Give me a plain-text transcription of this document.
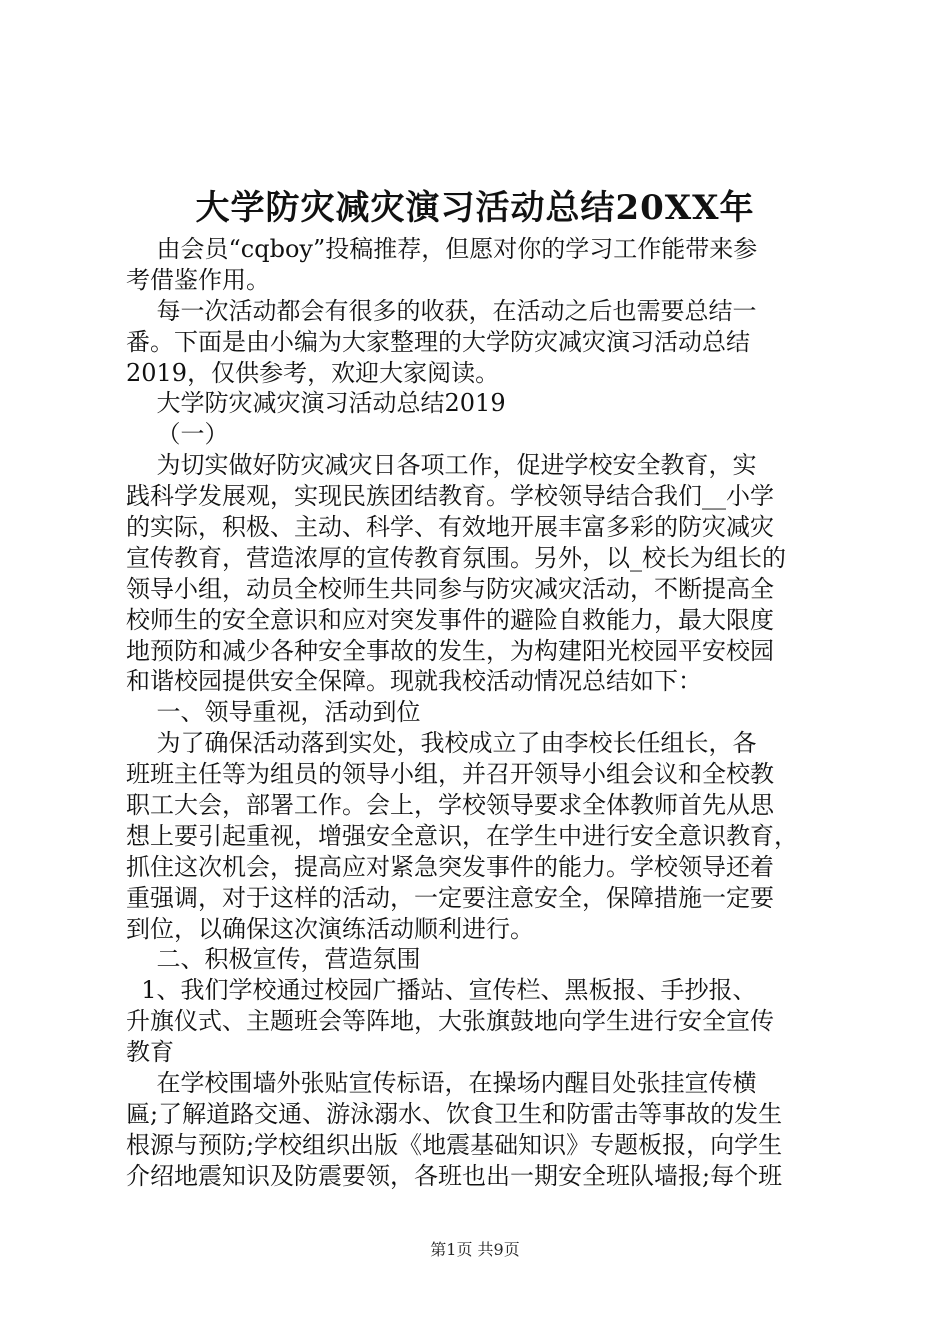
大学防灾减灾演习活动总结20XX年
由会员“cqboy”投稿推荐，但愿对你的学习工作能带来参
考借鉴作用。
每一次活动都会有很多的收获，在活动之后也需要总结一
番。下面是由小编为大家整理的大学防灾减灾演习活动总结
2019，仅供参考，欢迎大家阅读。
大学防灾减灾演习活动总结2019
（一）
为切实做好防灾减灾日各项工作，促进学校安全教育，实
践科学发展观，实现民族团结教育。学校领导结合我们__小学
的实际，积极、主动、科学、有效地开展丰富多彩的防灾减灾
宣传教育，营造浓厚的宣传教育氛围。另外，以_校长为组长的
领导小组，动员全校师生共同参与防灾减灾活动，不断提高全
校师生的安全意识和应对突发事件的避险自救能力，最大限度
地预防和减少各种安全事故的发生，为构建阳光校园平安校园
和谐校园提供安全保障。现就我校活动情况总结如下：
一、领导重视，活动到位
为了确保活动落到实处，我校成立了由李校长任组长，各
班班主任等为组员的领导小组，并召开领导小组会议和全校教
职工大会，部署工作。会上，学校领导要求全体教师首先从思
想上要引起重视，增强安全意识，在学生中进行安全意识教育，
抓住这次机会，提高应对紧急突发事件的能力。学校领导还着
重强调，对于这样的活动，一定要注意安全，保障措施一定要
到位，以确保这次演练活动顺利进行。
二、积极宣传，营造氛围
1、我们学校通过校园广播站、宣传栏、黑板报、手抄报、
升旗仪式、主题班会等阵地，大张旗鼓地向学生进行安全宣传
教育
在学校围墙外张贴宣传标语，在操场内醒目处张挂宣传横
匾;了解道路交通、游泳溺水、饮食卫生和防雷击等事故的发生
根源与预防;学校组织出版《地震基础知识》专题板报，向学生
介绍地震知识及防震要领，各班也出一期安全班队墙报;每个班
第1页 共9页
